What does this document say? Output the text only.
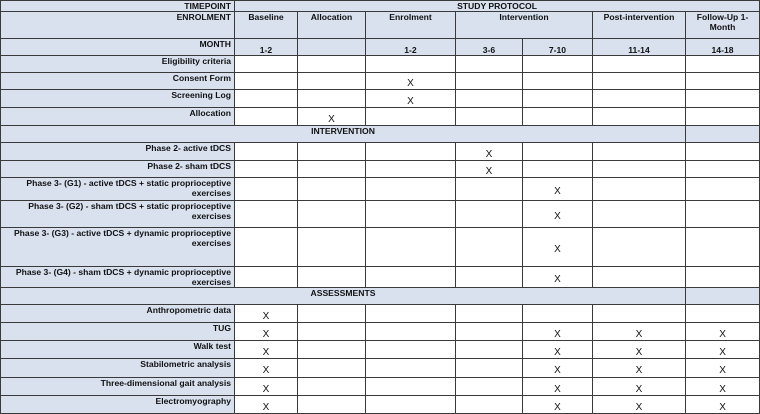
TIMEPOINT	STUDY PROTOCOL						
ENROLMENT	Baseline	Allocation	Enrolment	Intervention		Post-intervention	Follow-Up 1-Month
MONTH	1-2		1-2	3-6	7-10	11-14	14-18
Eligibility criteria							
Consent Form			X				
Screening Log			X				
Allocation		X					
INTERVENTION							
Phase 2- active tDCS				X			
Phase 2- sham tDCS				X			
Phase 3- (G1) - active tDCS + static proprioceptive exercises					X		
Phase 3- (G2) - sham tDCS + static proprioceptive exercises					X		
Phase 3- (G3) - active tDCS + dynamic proprioceptive exercises					X		
Phase 3- (G4) - sham tDCS + dynamic proprioceptive exercises					X		
ASSESSMENTS							
Anthropometric data	X						
TUG	X				X	X	X
Walk test	X				X	X	X
Stabilometric analysis	X				X	X	X
Three-dimensional gait analysis	X				X	X	X
Electromyography	X				X	X	X
